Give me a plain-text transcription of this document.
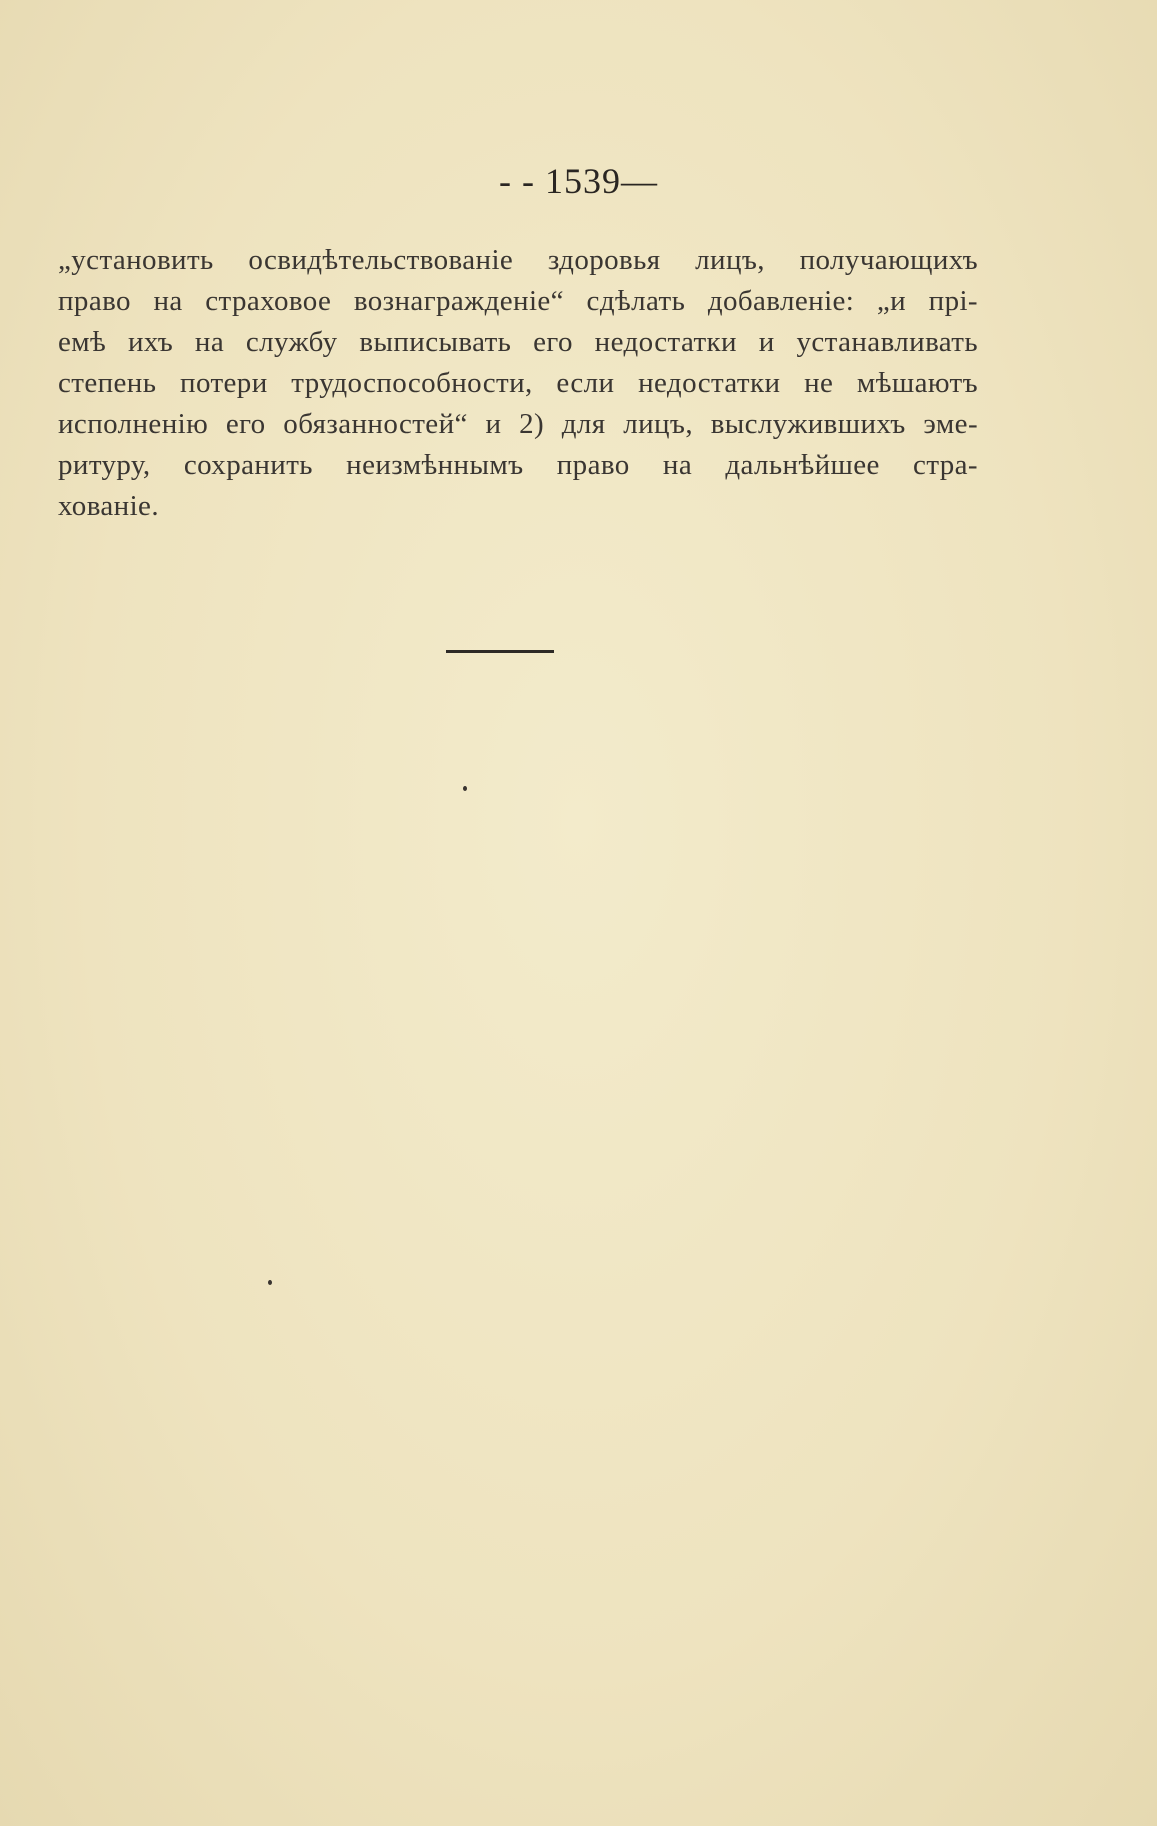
- - 1539—
„установить освидѣтельствованіе здоровья лицъ, получающихъ
право на страховое вознагражденіе“ сдѣлать добавленіе: „и прі-
емѣ ихъ на службу выписывать его недостатки и устанавливать
степень потери трудоспособности, если недостатки не мѣшаютъ
исполненію его обязанностей“ и 2) для лицъ, выслужившихъ эме-
ритуру, сохранить неизмѣннымъ право на дальнѣйшее стра-
хованіе.
